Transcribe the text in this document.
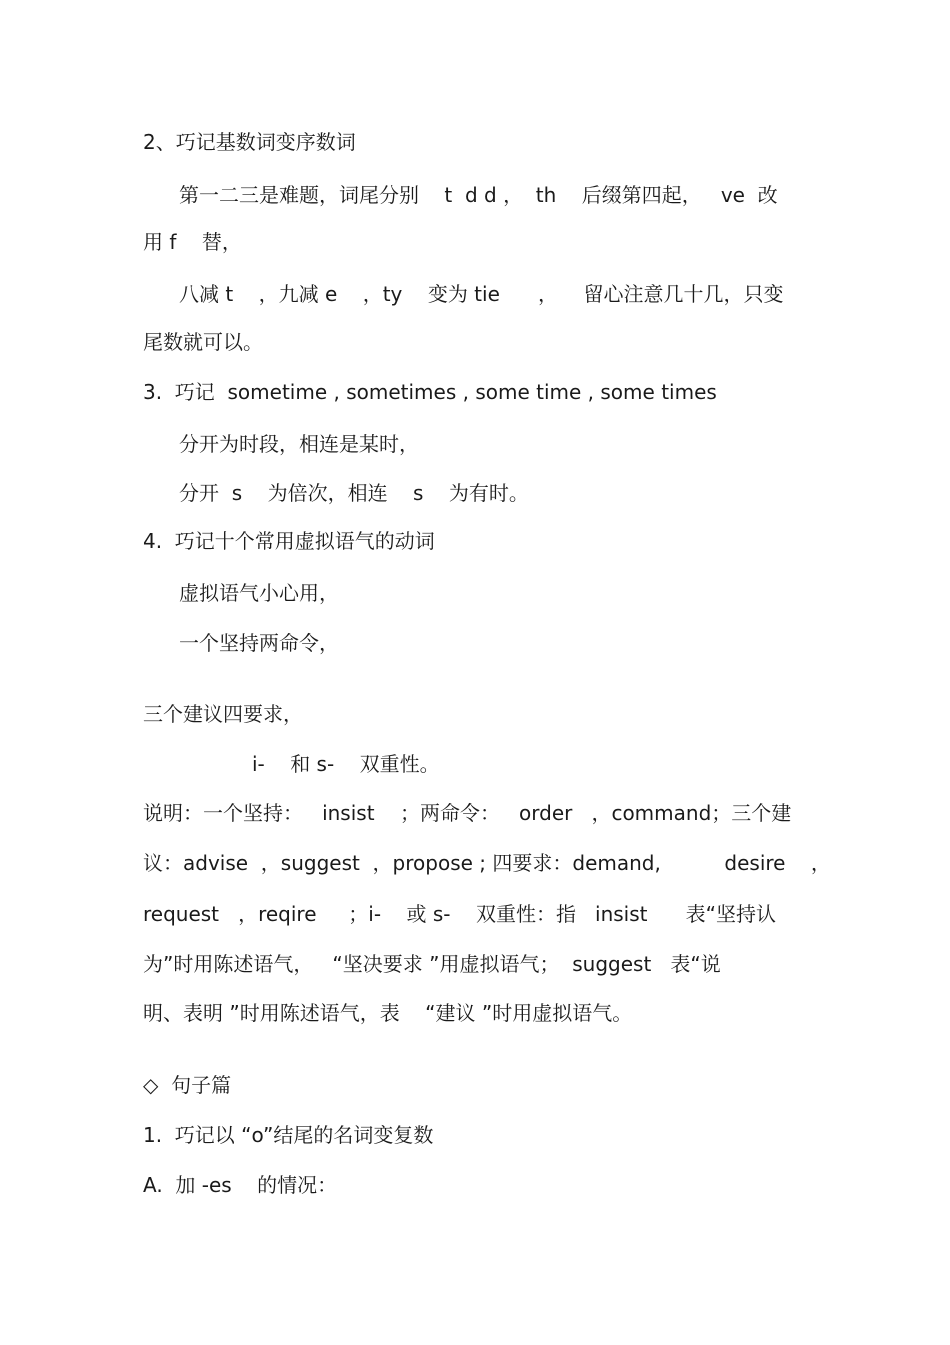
2、巧记基数词变序数词
第一二三是难题，词尾分别    t  d d ，  th    后缀第四起，   ve  改
用 f    替，
八减 t    ，九减 e    ，ty    变为 tie      ，    留心注意几十几，只变
尾数就可以。
3.  巧记  sometime , sometimes , some time , some times
分开为时段，相连是某时，
分开  s    为倍次，相连    s    为有时。
4.  巧记十个常用虚拟语气的动词
虚拟语气小心用，
一个坚持两命令，
三个建议四要求，
i-    和 s-    双重性。
说明：一个坚持：   insist    ；两命令：   order   ，command；三个建
议：advise  ，suggest  ，propose ; 四要求：demand,          desire    ，
request   ，reqire     ；i-    或 s-    双重性：指   insist      表“坚持认
为”时用陈述语气，   “坚决要求 ”用虚拟语气；  suggest   表“说
明、表明 ”时用陈述语气，表    “建议 ”时用虚拟语气。
◇  句子篇
1.  巧记以 “o”结尾的名词变复数
A.  加 -es    的情况：
